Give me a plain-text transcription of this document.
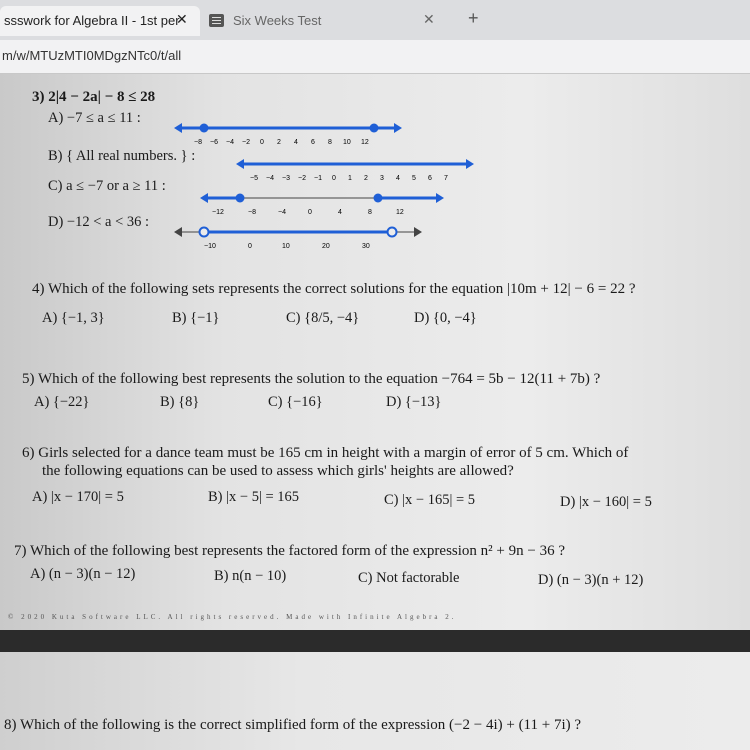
ssswork for Algebra II - 1st per
✕	Six Weeks Test	✕ +
m/w/MTUzMTI0MDgzNTc0/t/all
3) 2|4 − 2a| − 8 ≤ 28
A) −7 ≤ a ≤ 11 :
−8 −6 −4 −2 0 2 4 6 8 10 12
B) { All real numbers. } :
−5 −4 −3 −2 −1 0 1 2 3 4 5 6 7
C) a ≤ −7 or a ≥ 11 :
−12	−8	−4	0	4	8	12
D) −12 < a < 36 :
−10	0	10	20	30
4) Which of the following sets represents the correct solutions for the equation |10m + 12| − 6 = 22 ?
A) {−1, 3}	B) {−1}	C) {8/5, −4}	D) {0, −4}
5) Which of the following best represents the solution to the equation −764 = 5b − 12(11 + 7b) ?
A) {−22}	B) {8}	C) {−16}	D) {−13}
6) Girls selected for a dance team must be 165 cm in height with a margin of error of 5 cm. Which of
the following equations can be used to assess which girls' heights are allowed?
A) |x − 170| = 5	B) |x − 5| = 165	C) |x − 165| = 5	D) |x − 160| = 5
7) Which of the following best represents the factored form of the expression n² + 9n − 36 ?
A) (n − 3)(n − 12)	B) n(n − 10)	C) Not factorable	D) (n − 3)(n + 12)
© 2020 Kuta Software LLC. All rights reserved. Made with Infinite Algebra 2.
8) Which of the following is the correct simplified form of the expression (−2 − 4i) + (11 + 7i) ?
